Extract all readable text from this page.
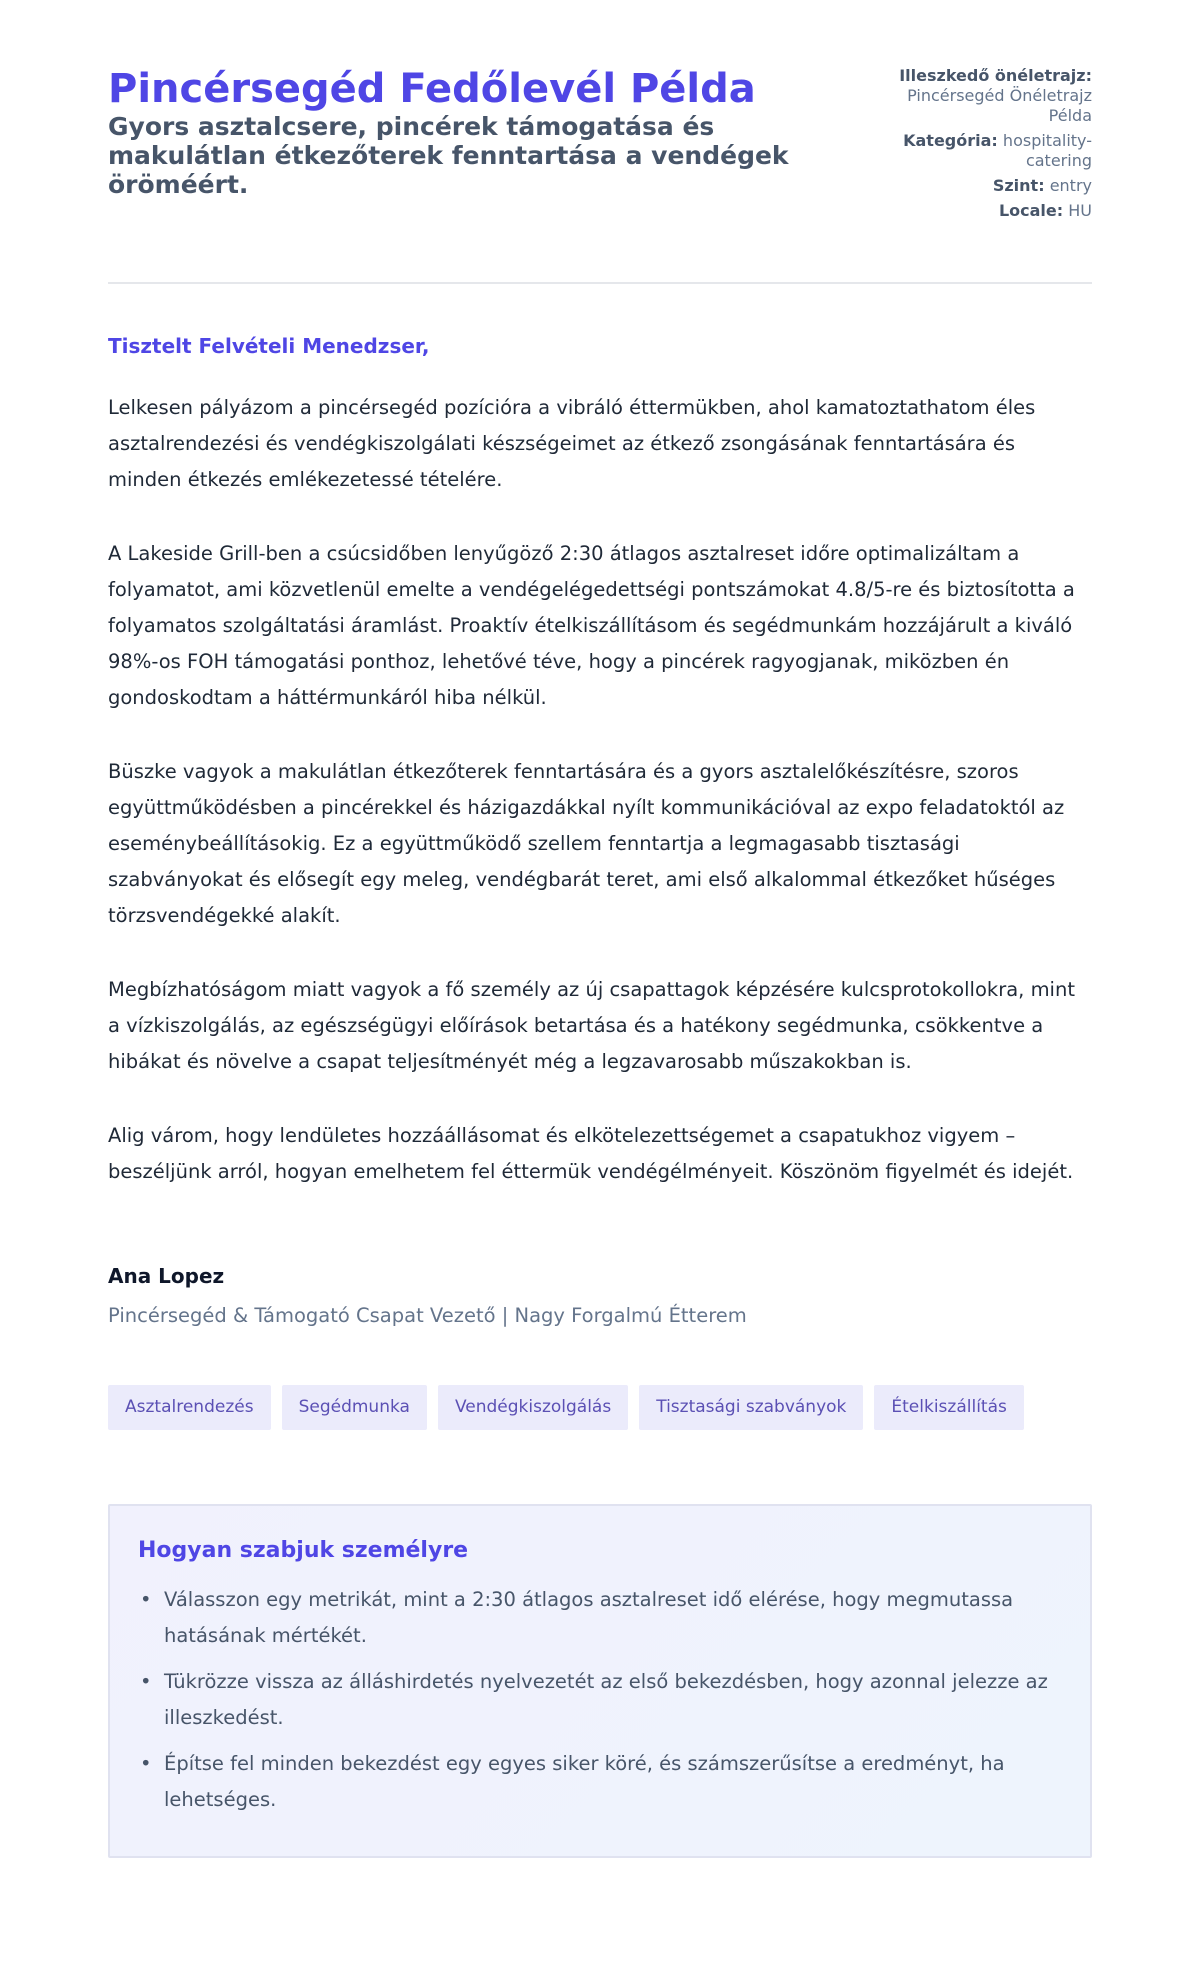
Pincérsegéd Fedőlevél Példa
Gyors asztalcsere, pincérek támogatása és makulátlan étkezőterek fenntartása a vendégek öröméért.
Illeszkedő önéletrajz: Pincérsegéd Önéletrajz Példa
Kategória: hospitality-catering
Szint: entry
Locale: HU

Tisztelt Felvételi Menedzser,

Lelkesen pályázom a pincérsegéd pozícióra a vibráló éttermükben, ahol kamatoztathatom éles asztalrendezési és vendégkiszolgálati készségeimet az étkező zsongásának fenntartására és minden étkezés emlékezetessé tételére.

A Lakeside Grill-ben a csúcsidőben lenyűgöző 2:30 átlagos asztalreset időre optimalizáltam a folyamatot, ami közvetlenül emelte a vendégelégedettségi pontszámokat 4.8/5-re és biztosította a folyamatos szolgáltatási áramlást. Proaktív ételkiszállításom és segédmunkám hozzájárult a kiváló 98%-os FOH támogatási ponthoz, lehetővé téve, hogy a pincérek ragyogjanak, miközben én gondoskodtam a háttérmunkáról hiba nélkül.

Büszke vagyok a makulátlan étkezőterek fenntartására és a gyors asztalelőkészítésre, szoros együttműködésben a pincérekkel és házigazdákkal nyílt kommunikációval az expo feladatoktól az eseménybeállításokig. Ez a együttműködő szellem fenntartja a legmagasabb tisztasági szabványokat és elősegít egy meleg, vendégbarát teret, ami első alkalommal étkezőket hűséges törzsvendégekké alakít.

Megbízhatóságom miatt vagyok a fő személy az új csapattagok képzésére kulcsprotokollokra, mint a vízkiszolgálás, az egészségügyi előírások betartása és a hatékony segédmunka, csökkentve a hibákat és növelve a csapat teljesítményét még a legzavarosabb műszakokban is.

Alig várom, hogy lendületes hozzáállásomat és elkötelezettségemet a csapatukhoz vigyem – beszéljünk arról, hogyan emelhetem fel éttermük vendégélményeit. Köszönöm figyelmét és idejét.

Ana Lopez

Pincérsegéd & Támogató Csapat Vezető | Nagy Forgalmú Étterem

Asztalrendezés	Segédmunka	Vendégkiszolgálás	Tisztasági szabványok	Ételkiszállítás
Hogyan szabjuk személyre
• Válasszon egy metrikát, mint a 2:30 átlagos asztalreset idő elérése, hogy megmutassa hatásának mértékét.
• Tükrözze vissza az álláshirdetés nyelvezetét az első bekezdésben, hogy azonnal jelezze az illeszkedést.
• Építse fel minden bekezdést egy egyes siker köré, és számszerűsítse a eredményt, ha lehetséges.
